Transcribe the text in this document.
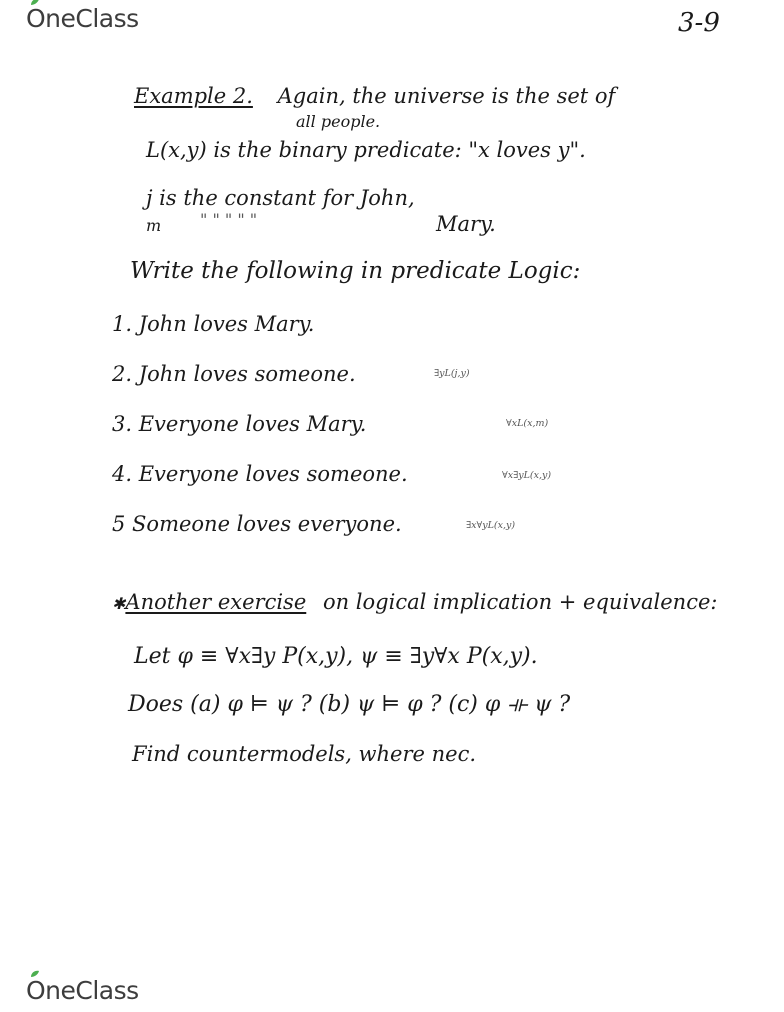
OneClass	3-9
Example 2. Again, the universe is the set of
all people.
L(x,y) is the binary predicate: "x loves y".
j is the constant for John,
m " " " " "	Mary.
Write the following in predicate Logic:
1. John loves Mary.
2. John loves someone.	∃yL(j,y)
3. Everyone loves Mary.	∀xL(x,m)
4. Everyone loves someone.	∀x∃yL(x,y)
5 Someone loves everyone.	∃x∀yL(x,y)
✱Another exercise on logical implication + equivalence:
Let φ ≡ ∀x∃y P(x,y), ψ ≡ ∃y∀x P(x,y).
Does (a) φ ⊨ ψ ? (b) ψ ⊨ φ ? (c) φ ⟛ ψ ?
Find countermodels, where nec.
OneClass
